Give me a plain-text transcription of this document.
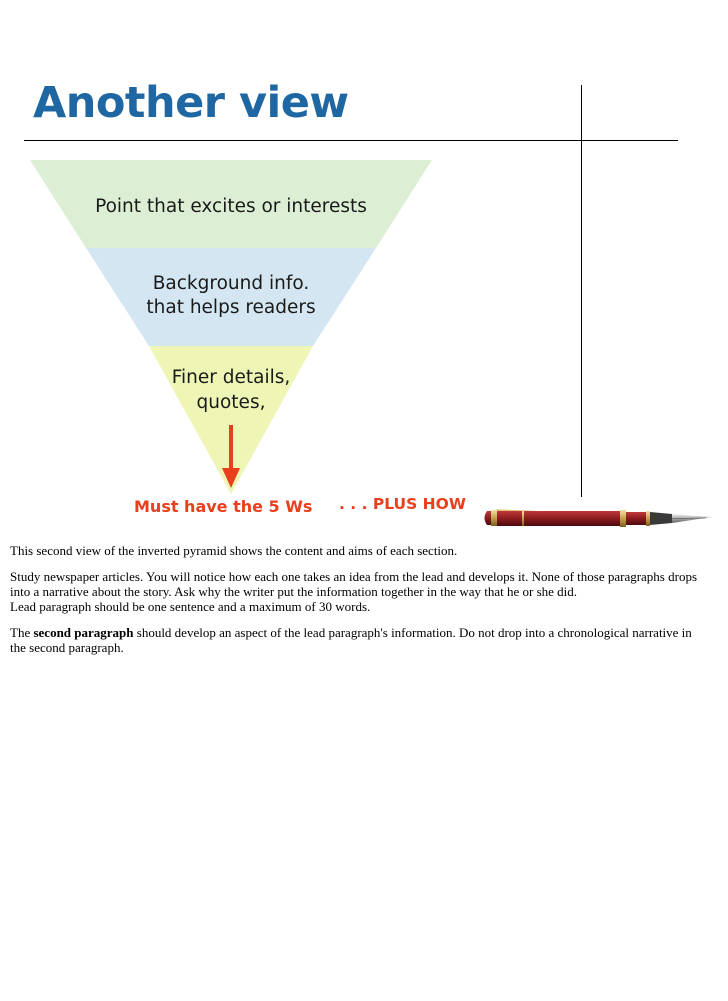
Another view
Point that excites or interests
Background info.
that helps readers
Finer details,
quotes,
Must have the 5 Ws . . . PLUS HOW

This second view of the inverted pyramid shows the content and aims of each section.

Study newspaper articles. You will notice how each one takes an idea from the lead and develops it. None of those paragraphs drops into a narrative about the story. Ask why the writer put the information together in the way that he or she did.

Lead paragraph should be one sentence and a maximum of 30 words.

The second paragraph should develop an aspect of the lead paragraph's information. Do not drop into a chronological narrative in the second paragraph.
